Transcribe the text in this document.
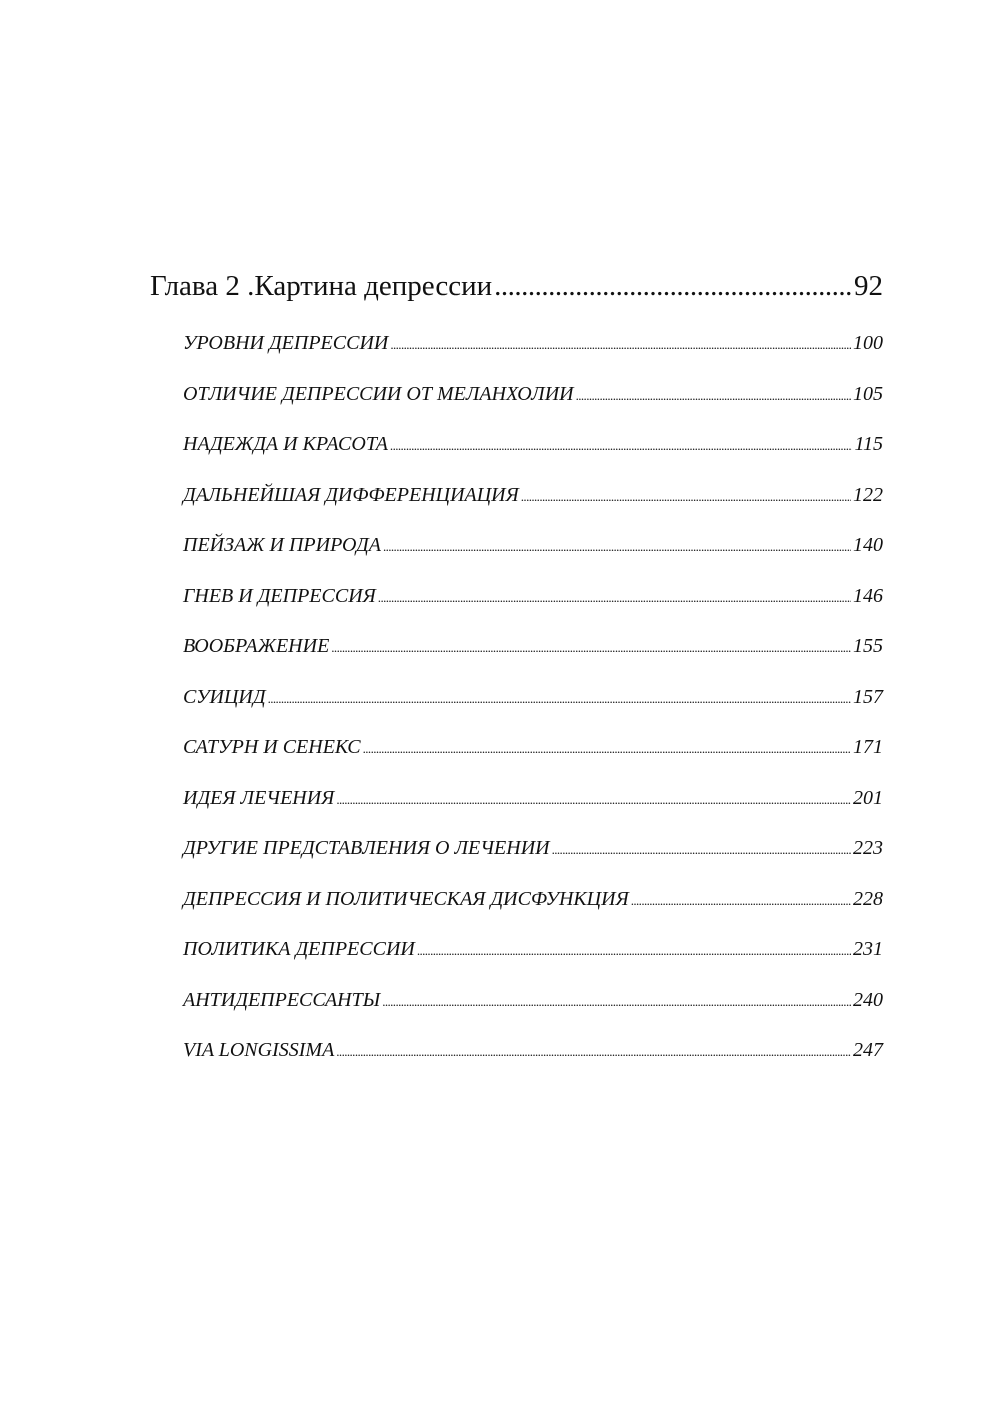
Глава 2 .Картина депрессии .....	92
УРОВНИ ДЕПРЕССИИ .....	100
ОТЛИЧИЕ ДЕПРЕССИИ ОТ МЕЛАНХОЛИИ .....	105
НАДЕЖДА И КРАСОТА .....	115
ДАЛЬНЕЙШАЯ ДИФФЕРЕНЦИАЦИЯ .....	122
ПЕЙЗАЖ И ПРИРОДА .....	140
ГНЕВ И ДЕПРЕССИЯ .....	146
ВООБРАЖЕНИЕ .....	155
СУИЦИД .....	157
САТУРН И СЕНЕКС .....	171
ИДЕЯ ЛЕЧЕНИЯ .....	201
ДРУГИЕ ПРЕДСТАВЛЕНИЯ О ЛЕЧЕНИИ .....	223
ДЕПРЕССИЯ И ПОЛИТИЧЕСКАЯ ДИСФУНКЦИЯ .....	228
ПОЛИТИКА ДЕПРЕССИИ .....	231
АНТИДЕПРЕССАНТЫ .....	240
VIA LONGISSIMA .....	247
